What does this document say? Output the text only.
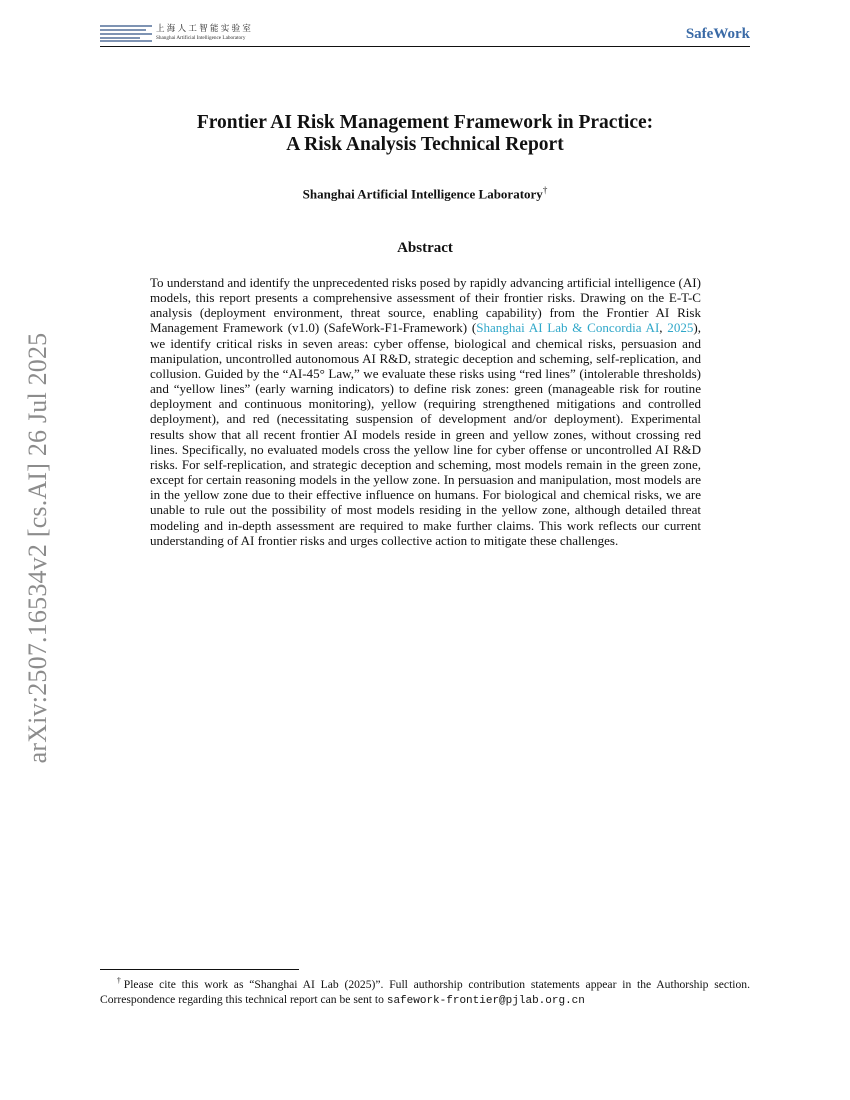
上海人工智能实验室
Shanghai Artificial Intelligence Laboratory	SafeWork
arXiv:2507.16534v2 [cs.AI] 26 Jul 2025
Frontier AI Risk Management Framework in Practice:
A Risk Analysis Technical Report
Shanghai Artificial Intelligence Laboratory†
Abstract
To understand and identify the unprecedented risks posed by rapidly advancing artificial intelligence (AI) models, this report presents a comprehensive assessment of their frontier risks. Drawing on the E-T-C analysis (deployment environment, threat source, enabling capability) from the Frontier AI Risk Management Framework (v1.0) (SafeWork-F1-Framework) (Shanghai AI Lab & Concordia AI, 2025), we identify critical risks in seven areas: cyber offense, biological and chemical risks, persuasion and manipulation, uncontrolled autonomous AI R&D, strategic deception and scheming, self-replication, and collusion. Guided by the “AI-45° Law,” we evaluate these risks using “red lines” (intolerable thresholds) and “yellow lines” (early warning indicators) to define risk zones: green (manageable risk for routine deployment and continuous monitoring), yellow (requiring strengthened mitigations and controlled deployment), and red (necessitating suspension of development and/or deployment). Experimental results show that all recent frontier AI models reside in green and yellow zones, without crossing red lines. Specifically, no evaluated models cross the yellow line for cyber offense or uncontrolled AI R&D risks. For self-replication, and strategic deception and scheming, most models remain in the green zone, except for certain reasoning models in the yellow zone. In persuasion and manipulation, most models are in the yellow zone due to their effective influence on humans. For biological and chemical risks, we are unable to rule out the possibility of most models residing in the yellow zone, although detailed threat modeling and in-depth assessment are required to make further claims. This work reflects our current understanding of AI frontier risks and urges collective action to mitigate these challenges.
†Please cite this work as “Shanghai AI Lab (2025)”. Full authorship contribution statements appear in the Authorship section. Correspondence regarding this technical report can be sent to safework-frontier@pjlab.org.cn
